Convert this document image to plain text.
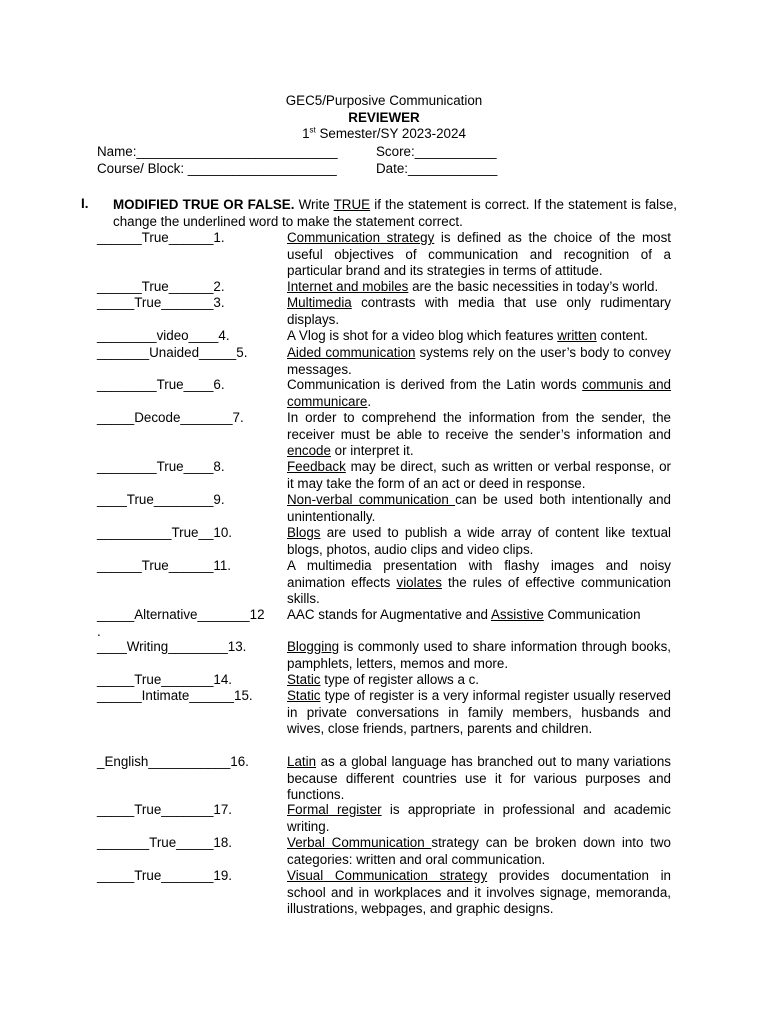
GEC5/Purposive Communication
REVIEWER
1st Semester/SY 2023-2024
Name:___________________________	Score:___________
Course/ Block: ____________________	Date:____________
I. MODIFIED TRUE OR FALSE. Write TRUE if the statement is correct. If the statement is false, change the underlined word to make the statement correct.
______True______1.	Communication strategy is defined as the choice of the most useful objectives of communication and recognition of a particular brand and its strategies in terms of attitude.
______True______2.	Internet and mobiles are the basic necessities in today’s world.
_____True_______3.	Multimedia contrasts with media that use only rudimentary displays.
________video____4.	A Vlog is shot for a video blog which features written content.
_______Unaided_____5.	Aided communication systems rely on the user’s body to convey messages.
________True____6.	Communication is derived from the Latin words communis and communicare.
_____Decode_______7.	In order to comprehend the information from the sender, the receiver must be able to receive the sender’s information and encode or interpret it.
________True____8.	Feedback may be direct, such as written or verbal response, or it may take the form of an act or deed in response.
____True________9.	Non-verbal communication can be used both intentionally and unintentionally.
__________True__10.	Blogs are used to publish a wide array of content like textual blogs, photos, audio clips and video clips.
______True______11.	A multimedia presentation with flashy images and noisy animation effects violates the rules of effective communication skills.
_____Alternative_______12 AAC stands for Augmentative and Assistive Communication
.
____Writing________13.	Blogging is commonly used to share information through books, pamphlets, letters, memos and more.
_____True_______14.	Static type of register allows a c.
______Intimate______15.	Static type of register is a very informal register usually reserved in private conversations in family members, husbands and wives, close friends, partners, parents and children.
_English___________16.	Latin as a global language has branched out to many variations because different countries use it for various purposes and functions.
_____True_______17.	Formal register is appropriate in professional and academic writing.
_______True_____18.	Verbal Communication strategy can be broken down into two categories: written and oral communication.
_____True_______19.	Visual Communication strategy provides documentation in school and in workplaces and it involves signage, memoranda, illustrations, webpages, and graphic designs.
